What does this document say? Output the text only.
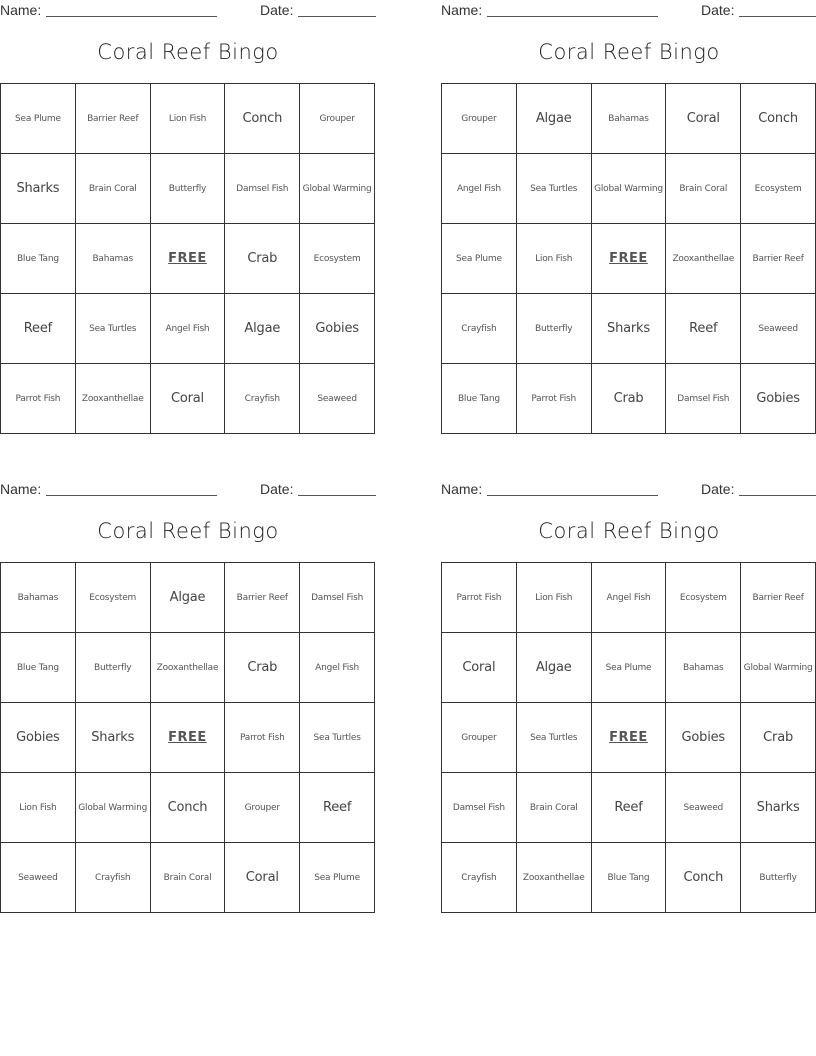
Name:	Date:
Coral Reef Bingo
Sea Plume	Barrier Reef	Lion Fish	Conch	Grouper
Sharks	Brain Coral	Butterfly	Damsel Fish	Global Warming
Blue Tang	Bahamas	FREE	Crab	Ecosystem
Reef	Sea Turtles	Angel Fish	Algae	Gobies
Parrot Fish	Zooxanthellae	Coral	Crayfish	Seaweed
Name:	Date:
Coral Reef Bingo
Grouper	Algae	Bahamas	Coral	Conch
Angel Fish	Sea Turtles	Global Warming	Brain Coral	Ecosystem
Sea Plume	Lion Fish	FREE	Zooxanthellae	Barrier Reef
Crayfish	Butterfly	Sharks	Reef	Seaweed
Blue Tang	Parrot Fish	Crab	Damsel Fish	Gobies
Name:	Date:
Coral Reef Bingo
Bahamas	Ecosystem	Algae	Barrier Reef	Damsel Fish
Blue Tang	Butterfly	Zooxanthellae	Crab	Angel Fish
Gobies	Sharks	FREE	Parrot Fish	Sea Turtles
Lion Fish	Global Warming	Conch	Grouper	Reef
Seaweed	Crayfish	Brain Coral	Coral	Sea Plume
Name:	Date:
Coral Reef Bingo
Parrot Fish	Lion Fish	Angel Fish	Ecosystem	Barrier Reef
Coral	Algae	Sea Plume	Bahamas	Global Warming
Grouper	Sea Turtles	FREE	Gobies	Crab
Damsel Fish	Brain Coral	Reef	Seaweed	Sharks
Crayfish	Zooxanthellae	Blue Tang	Conch	Butterfly
